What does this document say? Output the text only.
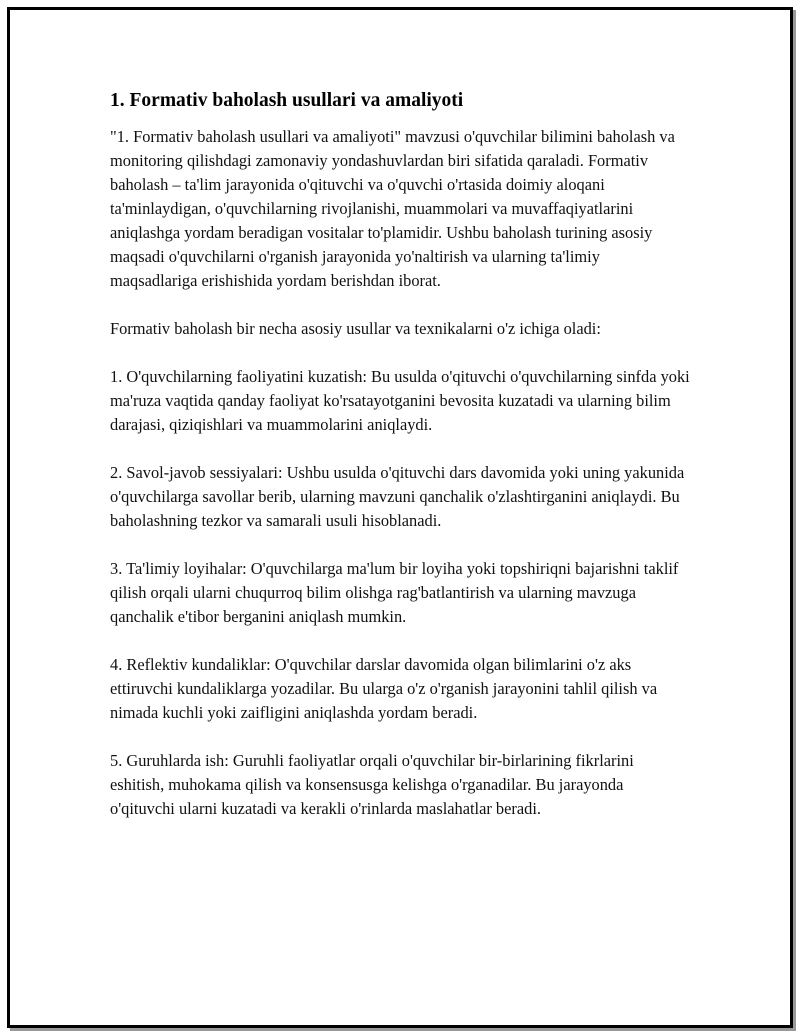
1. Formativ baholash usullari va amaliyoti

"1. Formativ baholash usullari va amaliyoti" mavzusi o'quvchilar bilimini baholash va monitoring qilishdagi zamonaviy yondashuvlardan biri sifatida qaraladi. Formativ baholash – ta'lim jarayonida o'qituvchi va o'quvchi o'rtasida doimiy aloqani ta'minlaydigan, o'quvchilarning rivojlanishi, muammolari va muvaffaqiyatlarini aniqlashga yordam beradigan vositalar to'plamidir. Ushbu baholash turining asosiy maqsadi o'quvchilarni o'rganish jarayonida yo'naltirish va ularning ta'limiy maqsadlariga erishishida yordam berishdan iborat.

Formativ baholash bir necha asosiy usullar va texnikalarni o'z ichiga oladi:

1. O'quvchilarning faoliyatini kuzatish: Bu usulda o'qituvchi o'quvchilarning sinfda yoki ma'ruza vaqtida qanday faoliyat ko'rsatayotganini bevosita kuzatadi va ularning bilim darajasi, qiziqishlari va muammolarini aniqlaydi.

2. Savol-javob sessiyalari: Ushbu usulda o'qituvchi dars davomida yoki uning yakunida o'quvchilarga savollar berib, ularning mavzuni qanchalik o'zlashtirganini aniqlaydi. Bu baholashning tezkor va samarali usuli hisoblanadi.

3. Ta'limiy loyihalar: O'quvchilarga ma'lum bir loyiha yoki topshiriqni bajarishni taklif qilish orqali ularni chuqurroq bilim olishga rag'batlantirish va ularning mavzuga qanchalik e'tibor berganini aniqlash mumkin.

4. Reflektiv kundaliklar: O'quvchilar darslar davomida olgan bilimlarini o'z aks ettiruvchi kundaliklarga yozadilar. Bu ularga o'z o'rganish jarayonini tahlil qilish va nimada kuchli yoki zaifligini aniqlashda yordam beradi.

5. Guruhlarda ish: Guruhli faoliyatlar orqali o'quvchilar bir-birlarining fikrlarini eshitish, muhokama qilish va konsensusga kelishga o'rganadilar. Bu jarayonda o'qituvchi ularni kuzatadi va kerakli o'rinlarda maslahatlar beradi.
